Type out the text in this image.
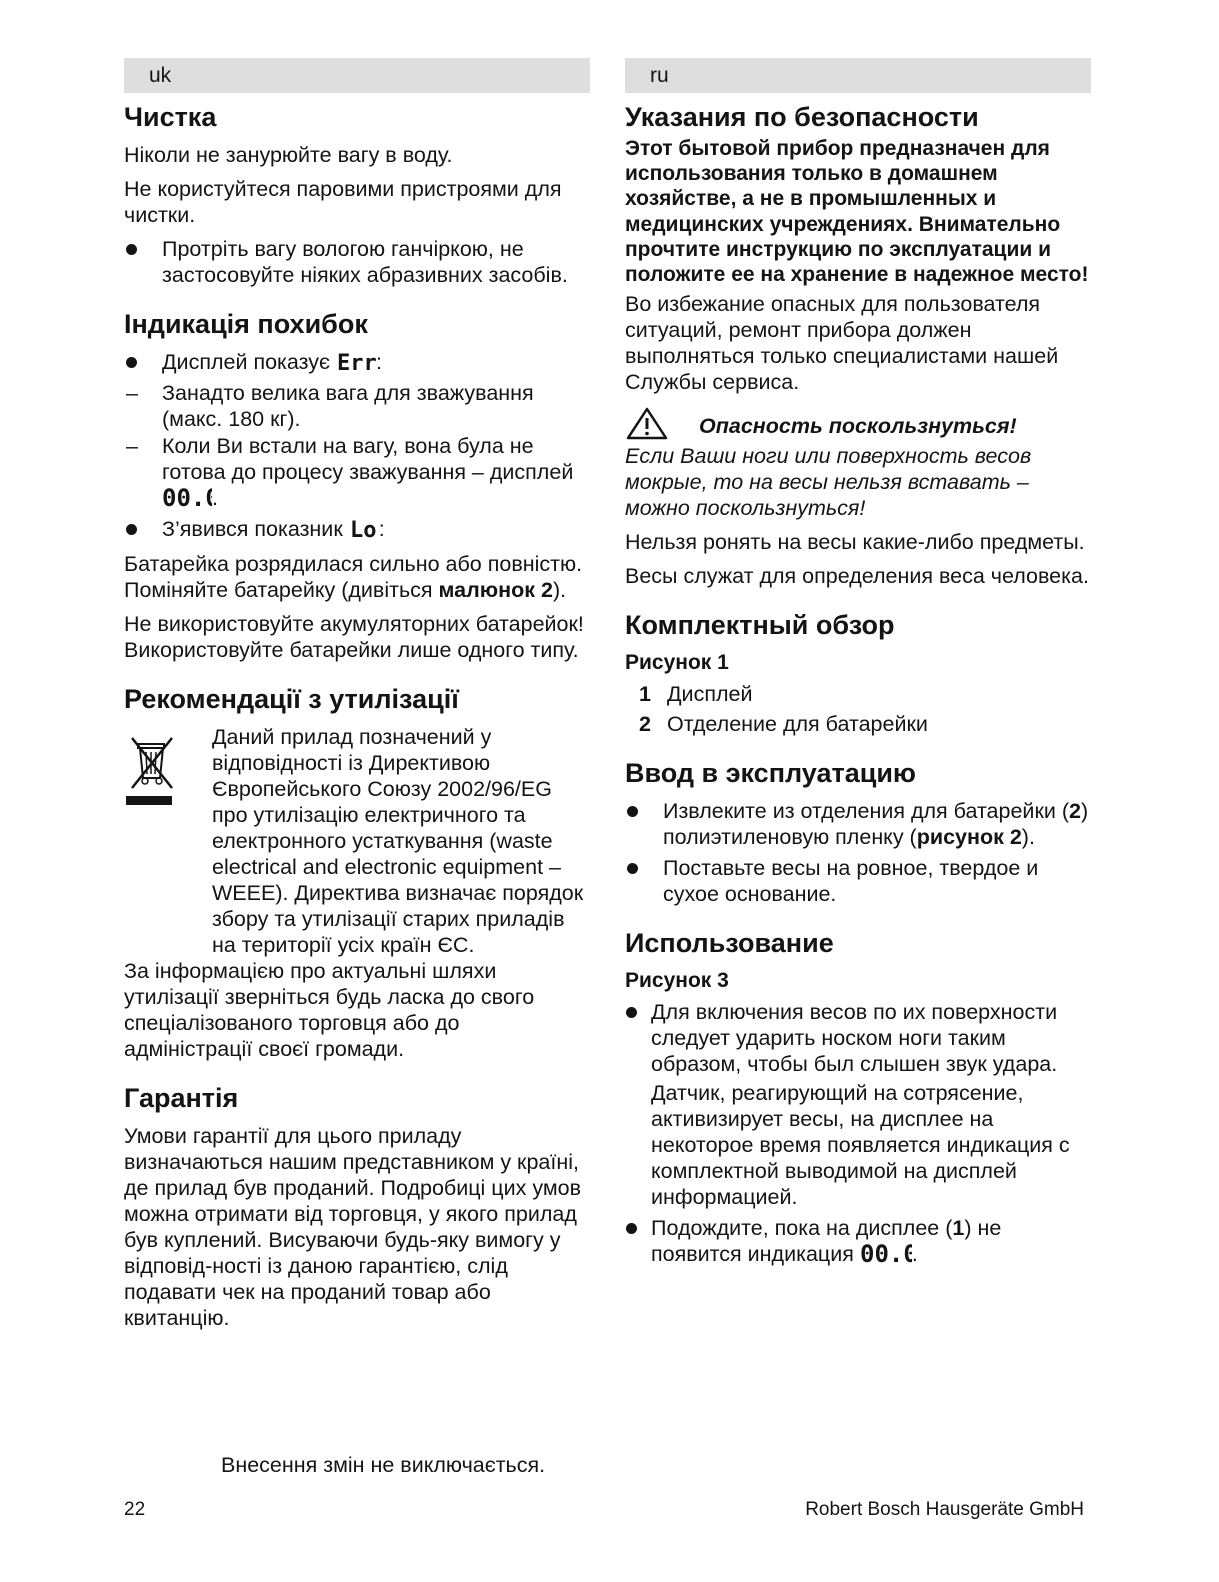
uk
Чистка

Ніколи не занурюйте вагу в воду.

Не користуйтеся паровими пристроями для чистки.

Протріть вагу вологою ганчіркою, не застосовуйте ніяких абразивних засобів.
Індикація похибок
Дисплей показує Err :
– Занадто велика вага для зважування (макс. 180 кг).
– Коли Ви встали на вагу, вона була не готова до процесу зважування – дисплей
00. .
З’явився показник Lo :

Батарейка розрядилася сильно або повністю. Поміняйте батарейку (дивіться малюнок 2).

Не використовуйте акумуляторних батарейок! Використовуйте батарейки лише одного типу.

Рекомендації з утилізації

Даний прилад позначений у відповідності із Директивою Європейського Союзу 2002/96/EG про утилізацію електричного та електронного устаткування (waste electrical and electronic equipment – WEEE). Директива визначає порядок збору та утилізації старих приладів на території усіх країн ЄС.

За інформацією про актуальні шляхи утилізації зверніться будь ласка до свого спеціалізованого торговця або до адміністрації своєї громади.

Гарантія

Умови гарантії для цього приладу визначаються нашим представником у країні, де прилад був проданий. Подробиці цих умов можна отримати від торговця, у якого прилад був куплений. Висуваючи будь-яку вимогу у відповід-ності із даною гарантією, слід подавати чек на проданий товар або квитанцію.

ru
Указания по безопасности

Этот бытовой прибор предназначен для использования только в домашнем хозяйстве, а не в промышленных и медицинских учреждениях. Внимательно прочтите инструкцию по эксплуатации и положите ее на хранение в надежное место!

Во избежание опасных для пользователя ситуаций, ремонт прибора должен выполняться только специалистами нашей Службы сервиса.

Опасность поскользнуться!

Если Ваши ноги или поверхность весов мокрые, то на весы нельзя вставать – можно поскользнуться!

Нельзя ронять на весы какие-либо предметы.

Весы служат для определения веса человека.

Комплектный обзор
Рисунок 1
1 Дисплей
2 Отделение для батарейки
Ввод в эксплуатацию
Извлеките из отделения для батарейки (2) полиэтиленовую пленку (рисунок 2).
Поставьте весы на ровное, твердое и сухое основание.
Использование
Рисунок 3
Для включения весов по их поверхности следует ударить носком ноги таким образом, чтобы был слышен звук удара.
Датчик, реагирующий на сотрясение, активизирует весы, на дисплее на некоторое время появляется индикация с комплектной выводимой на дисплей информацией.
Подождите, пока на дисплее (1) не появится индикация 00.0
.
Внесення змін не виключається.
22	Robert Bosch Hausgeräte GmbH
